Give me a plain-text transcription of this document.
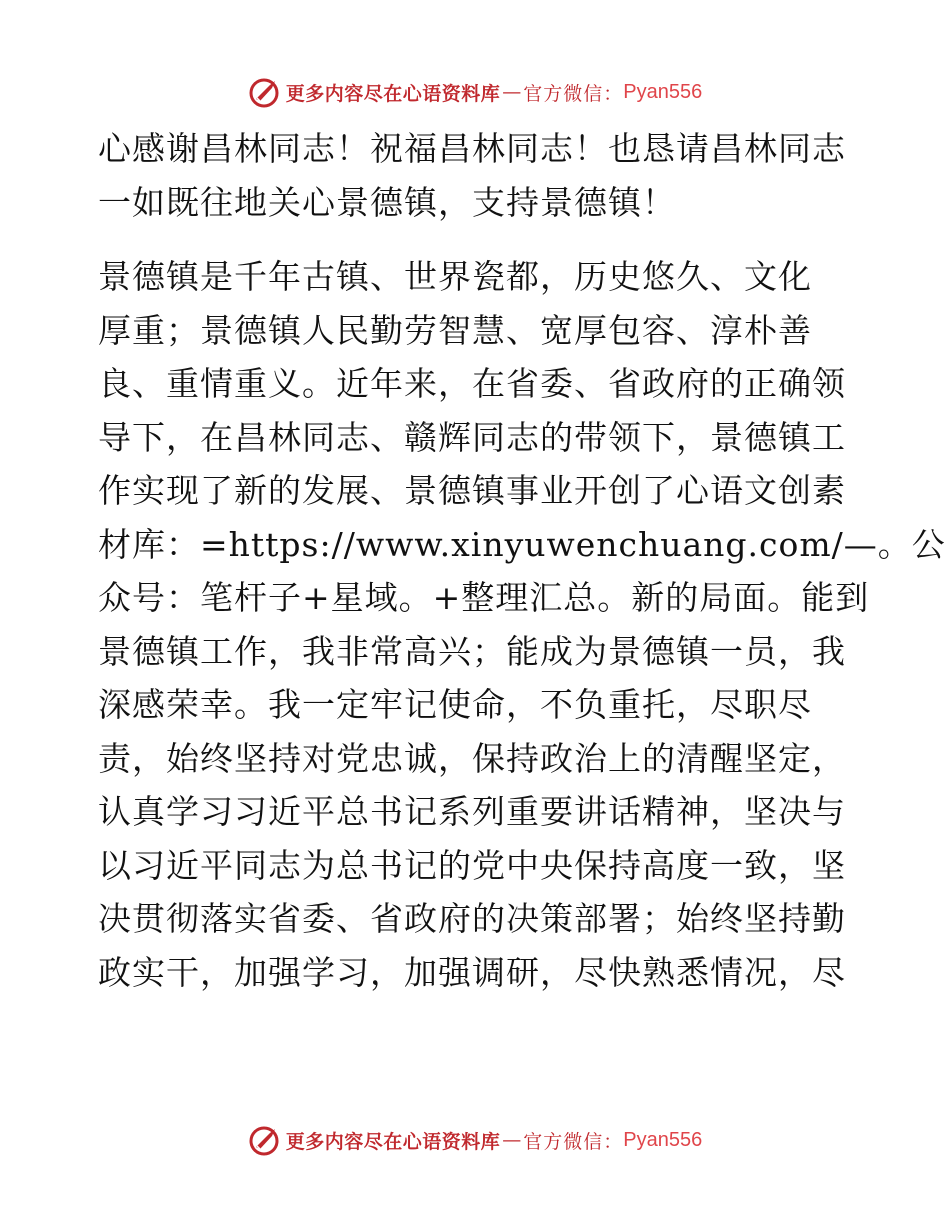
更多内容尽在心语资料库 — 官方微信： Pyan556
心感谢昌林同志！祝福昌林同志！也恳请昌林同志
一如既往地关心景德镇，支持景德镇！
景德镇是千年古镇、世界瓷都，历史悠久、文化
厚重；景德镇人民勤劳智慧、宽厚包容、淳朴善
良、重情重义。近年来，在省委、省政府的正确领
导下，在昌林同志、赣辉同志的带领下，景德镇工
作实现了新的发展、景德镇事业开创了心语文创素
材库：=https://www.xinyuwenchuang.com/—。公
众号：笔杆子+星域。+整理汇总。新的局面。能到
景德镇工作，我非常高兴；能成为景德镇一员，我
深感荣幸。我一定牢记使命，不负重托，尽职尽
责，始终坚持对党忠诚，保持政治上的清醒坚定，
认真学习习近平总书记系列重要讲话精神，坚决与
以习近平同志为总书记的党中央保持高度一致，坚
决贯彻落实省委、省政府的决策部署；始终坚持勤
政实干，加强学习，加强调研，尽快熟悉情况，尽
更多内容尽在心语资料库 — 官方微信： Pyan556
